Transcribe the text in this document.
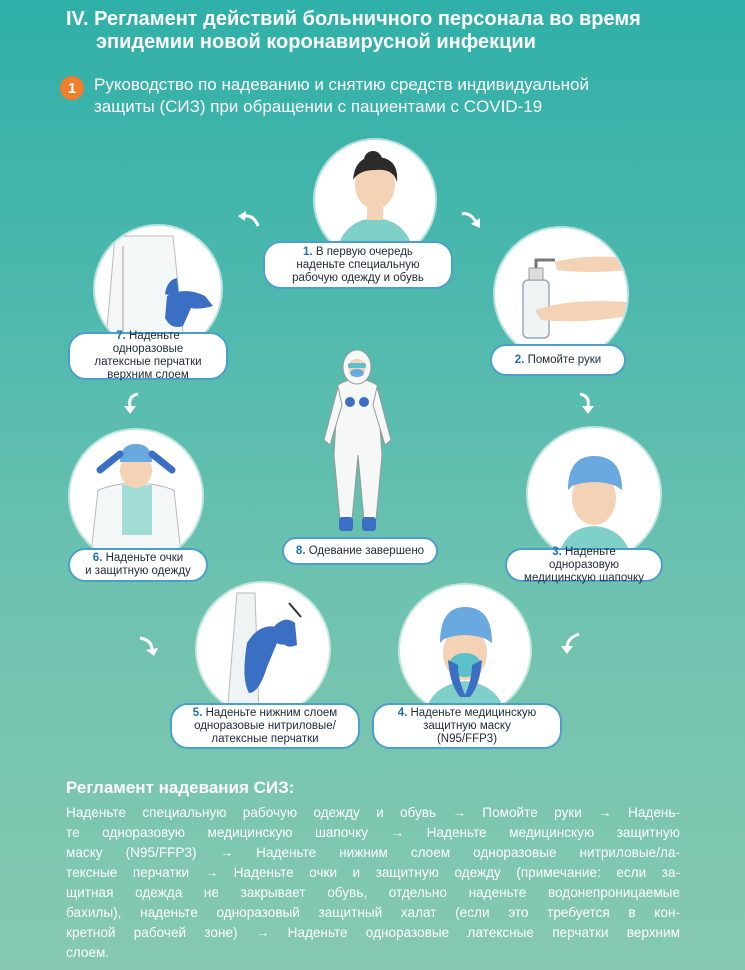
IV. Регламент действий больничного персонала во время
эпидемии новой коронавирусной инфекции
1	Руководство по надеванию и снятию средств индивидуальной
защиты (СИЗ) при обращении с пациентами с COVID-19
1. В первую очередь
наденьте специальную
рабочую одежду и обувь
2. Помойте руки
3. Наденьте одноразовую
медицинскую шапочку
4. Наденьте медицинскую
защитную маску
(N95/FFP3)
5. Наденьте нижним слоем
одноразовые нитриловые/
латексные перчатки
6. Наденьте очки
и защитную одежду
7. Наденьте одноразовые
латексные перчатки
верхним слоем
8. Одевание завершено
Регламент надевания СИЗ:
Наденьте специальную рабочую одежду и обувь → Помойте руки → Надень-
те одноразовую медицинскую шапочку → Наденьте медицинскую защитную
маску (N95/FFP3) → Наденьте нижним слоем одноразовые нитриловые/ла-
тексные перчатки → Наденьте очки и защитную одежду (примечание: если за-
щитная одежда не закрывает обувь, отдельно наденьте водонепроницаемые
бахилы), наденьте одноразовый защитный халат (если это требуется в кон-
кретной рабочей зоне) → Наденьте одноразовые латексные перчатки верхним
слоем.
